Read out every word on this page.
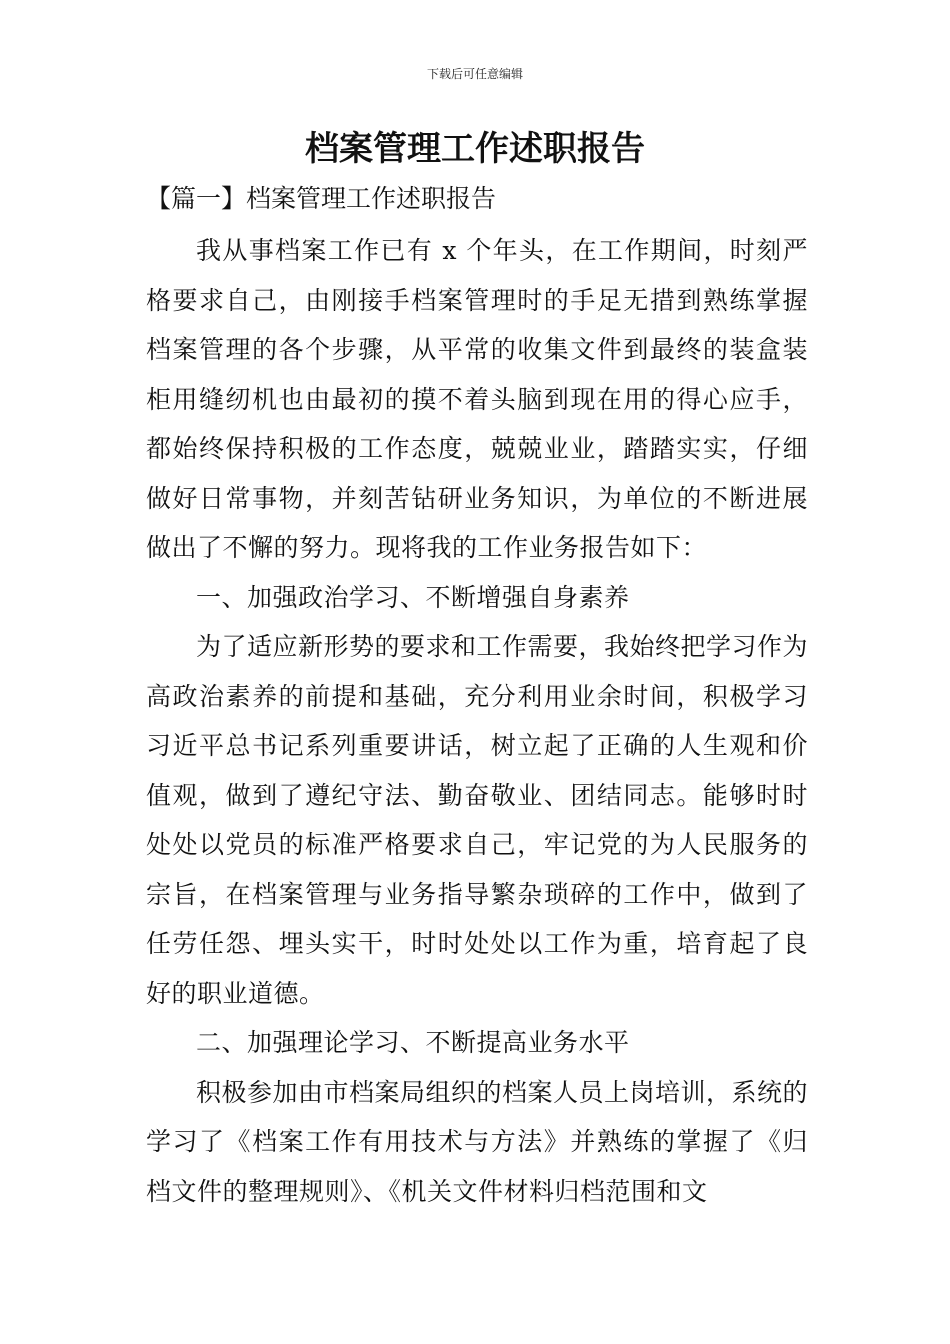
下载后可任意编辑
档案管理工作述职报告
【篇一】档案管理工作述职报告

我从事档案工作已有 x 个年头，在工作期间，时刻严格要求自己，由刚接手档案管理时的手足无措到熟练掌握档案管理的各个步骤，从平常的收集文件到最终的装盒装柜用缝纫机也由最初的摸不着头脑到现在用的得心应手，都始终保持积极的工作态度，兢兢业业，踏踏实实，仔细做好日常事物，并刻苦钻研业务知识，为单位的不断进展做出了不懈的努力。现将我的工作业务报告如下：

一、加强政治学习、不断增强自身素养

为了适应新形势的要求和工作需要，我始终把学习作为高政治素养的前提和基础，充分利用业余时间，积极学习习近平总书记系列重要讲话，树立起了正确的人生观和价值观，做到了遵纪守法、勤奋敬业、团结同志。能够时时处处以党员的标准严格要求自己，牢记党的为人民服务的宗旨，在档案管理与业务指导繁杂琐碎的工作中，做到了任劳任怨、埋头实干，时时处处以工作为重，培育起了良好的职业道德。

二、加强理论学习、不断提高业务水平

积极参加由市档案局组织的档案人员上岗培训，系统的学习了《档案工作有用技术与方法》并熟练的掌握了《归档文件的整理规则》、《机关文件材料归档范围和文
